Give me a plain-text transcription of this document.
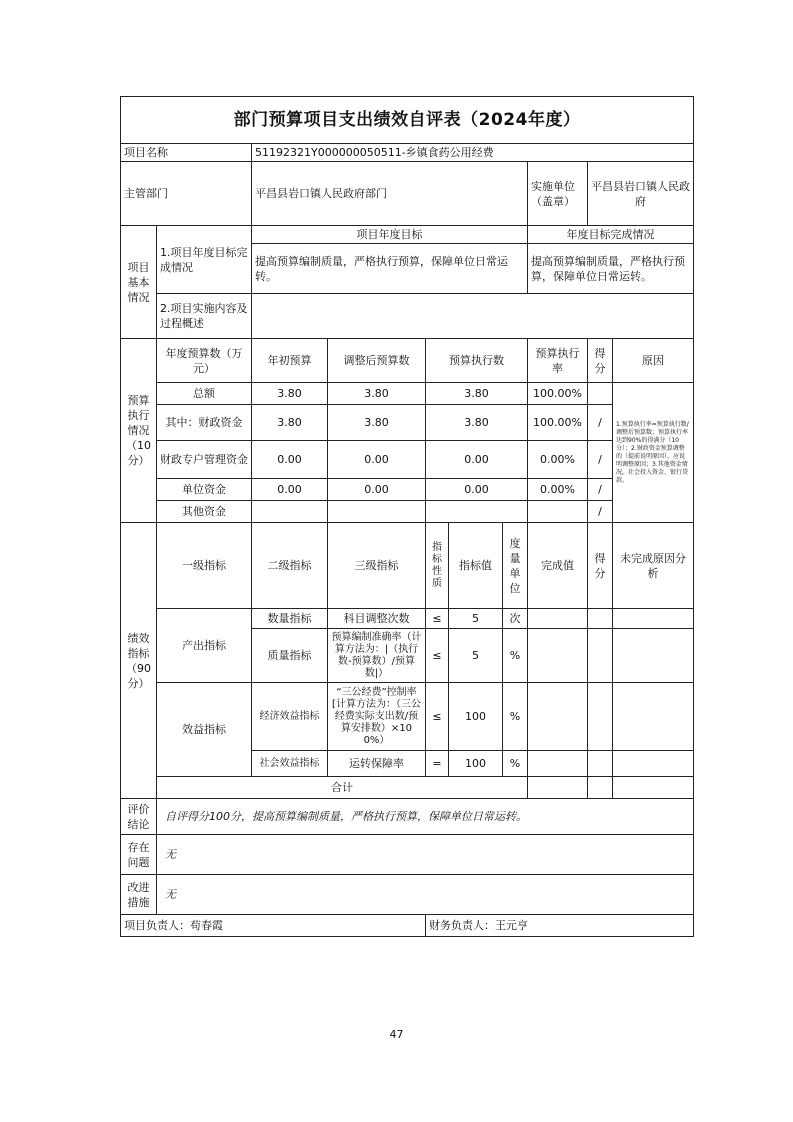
部门预算项目支出绩效自评表（2024年度）									
项目名称		51192321Y000000050511-乡镇食药公用经费							
主管部门		平昌县岩口镇人民政府部门					实施单位（盖章）	平昌县岩口镇人民政府	
项目基本情况	1.项目年度目标完成情况	项目年度目标					年度目标完成情况		
		提高预算编制质量，严格执行预算，保障单位日常运转。					提高预算编制质量，严格执行预算，保障单位日常运转。		
	2.项目实施内容及过程概述								

预算执行情况（10分）	年度预算数（万元）	年初预算	调整后预算数	预算执行数			预算执行率	得分	原因
	总额	3.80	3.80	3.80			100.00%		1.预算执行率=预算执行数/调整后预算数；预算执行率达到90%的得满分（10分）；2.财政资金预算调整的（提前说明原因），应说明调整原因；3.其他资金情况，社会投入资金、银行贷款。
	其中：财政资金	3.80	3.80	3.80			100.00%	/	
	财政专户管理资金	0.00	0.00	0.00			0.00%	/	
	单位资金	0.00	0.00	0.00			0.00%	/	
	其他资金							/	
绩效指标（90分）	一级指标	二级指标	三级指标	指标性质	指标值	度量单位	完成值	得分	未完成原因分析
	产出指标	数量指标	科目调整次数	≤	5	次			
		质量指标	预算编制准确率（计算方法为：|（执行数-预算数）/预算数|）	≤	5	%			
	效益指标	经济效益指标	“三公经费”控制率[计算方法为：（三公经费实际支出数/预算安排数）×100%）	≤	100	%			
		社会效益指标	运转保障率	=	100	%			
	合计								
评价结论	自评得分100分，提高预算编制质量，严格执行预算，保障单位日常运转。								
存在问题	无								
改进措施	无								
项目负责人：苟春霞				财务负责人：王元亨					
47
